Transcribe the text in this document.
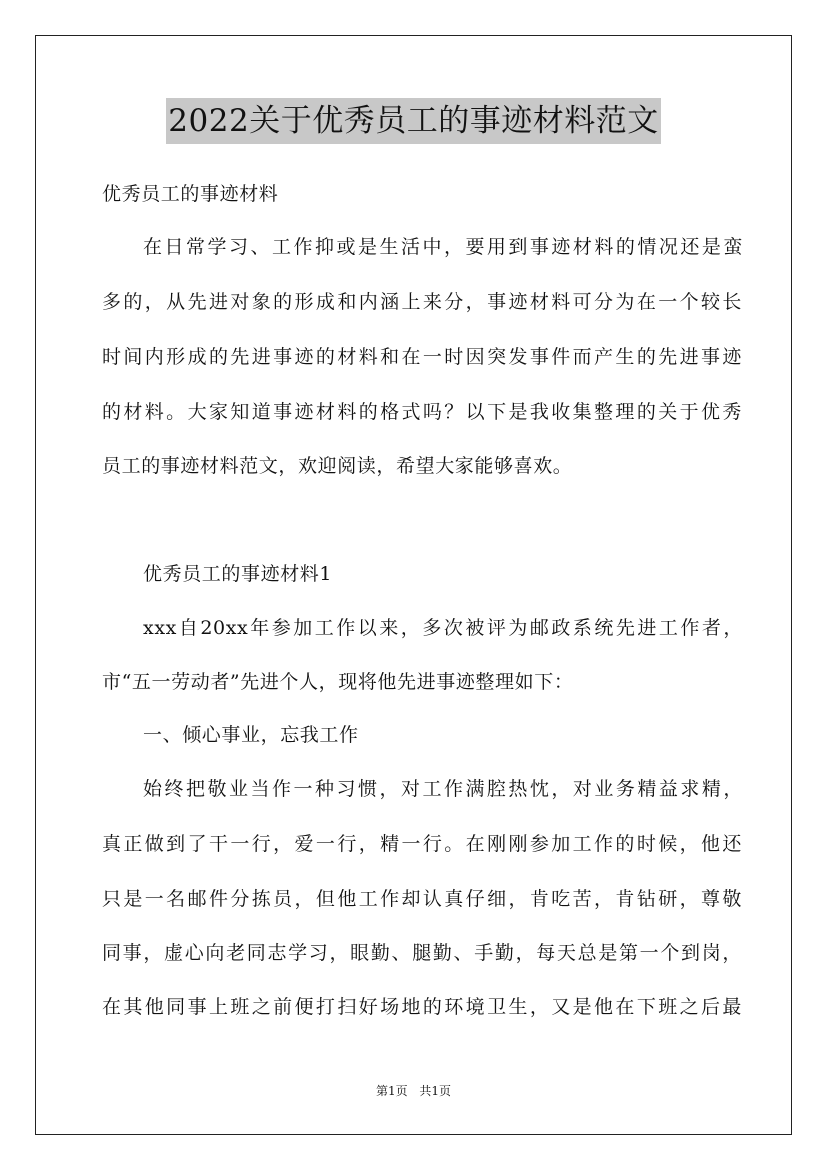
2022关于优秀员工的事迹材料范文
优秀员工的事迹材料
在日常学习、工作抑或是生活中，要用到事迹材料的情况还是蛮
多的，从先进对象的形成和内涵上来分，事迹材料可分为在一个较长
时间内形成的先进事迹的材料和在一时因突发事件而产生的先进事迹
的材料。大家知道事迹材料的格式吗？以下是我收集整理的关于优秀
员工的事迹材料范文，欢迎阅读，希望大家能够喜欢。
优秀员工的事迹材料1
xxx自20xx年参加工作以来，多次被评为邮政系统先进工作者，
市“五一劳动者”先进个人，现将他先进事迹整理如下：
一、倾心事业，忘我工作
始终把敬业当作一种习惯，对工作满腔热忱，对业务精益求精，
真正做到了干一行，爱一行，精一行。在刚刚参加工作的时候，他还
只是一名邮件分拣员，但他工作却认真仔细，肯吃苦，肯钻研，尊敬
同事，虚心向老同志学习，眼勤、腿勤、手勤，每天总是第一个到岗，
在其他同事上班之前便打扫好场地的环境卫生，又是他在下班之后最
第1页 共1页
